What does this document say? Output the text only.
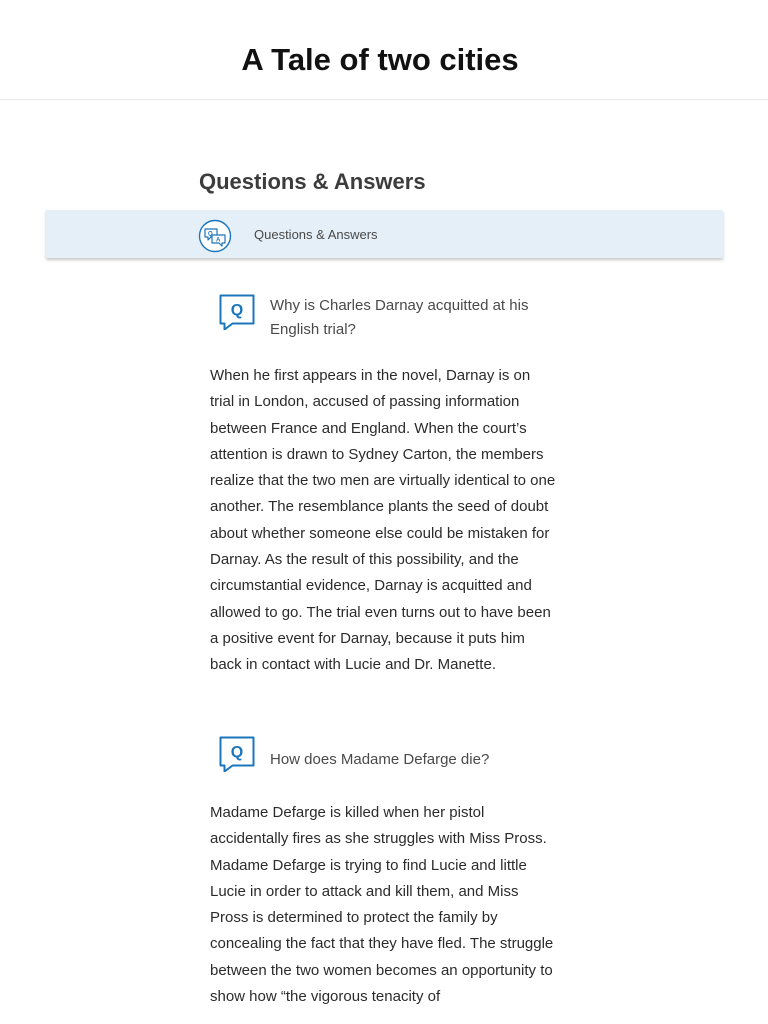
A Tale of two cities
Questions & Answers
Q
A	Questions & Answers
Q Why is Charles Darnay acquitted at his English trial?
When he first appears in the novel, Darnay is on trial in London, accused of passing information between France and England. When the court’s attention is drawn to Sydney Carton, the members realize that the two men are virtually identical to one another. The resemblance plants the seed of doubt about whether someone else could be mistaken for Darnay. As the result of this possibility, and the circumstantial evidence, Darnay is acquitted and allowed to go. The trial even turns out to have been a positive event for Darnay, because it puts him back in contact with Lucie and Dr. Manette.
Q How does Madame Defarge die?
Madame Defarge is killed when her pistol accidentally fires as she struggles with Miss Pross. Madame Defarge is trying to find Lucie and little Lucie in order to attack and kill them, and Miss Pross is determined to protect the family by concealing the fact that they have fled. The struggle between the two women becomes an opportunity to show how “the vigorous tenacity of
